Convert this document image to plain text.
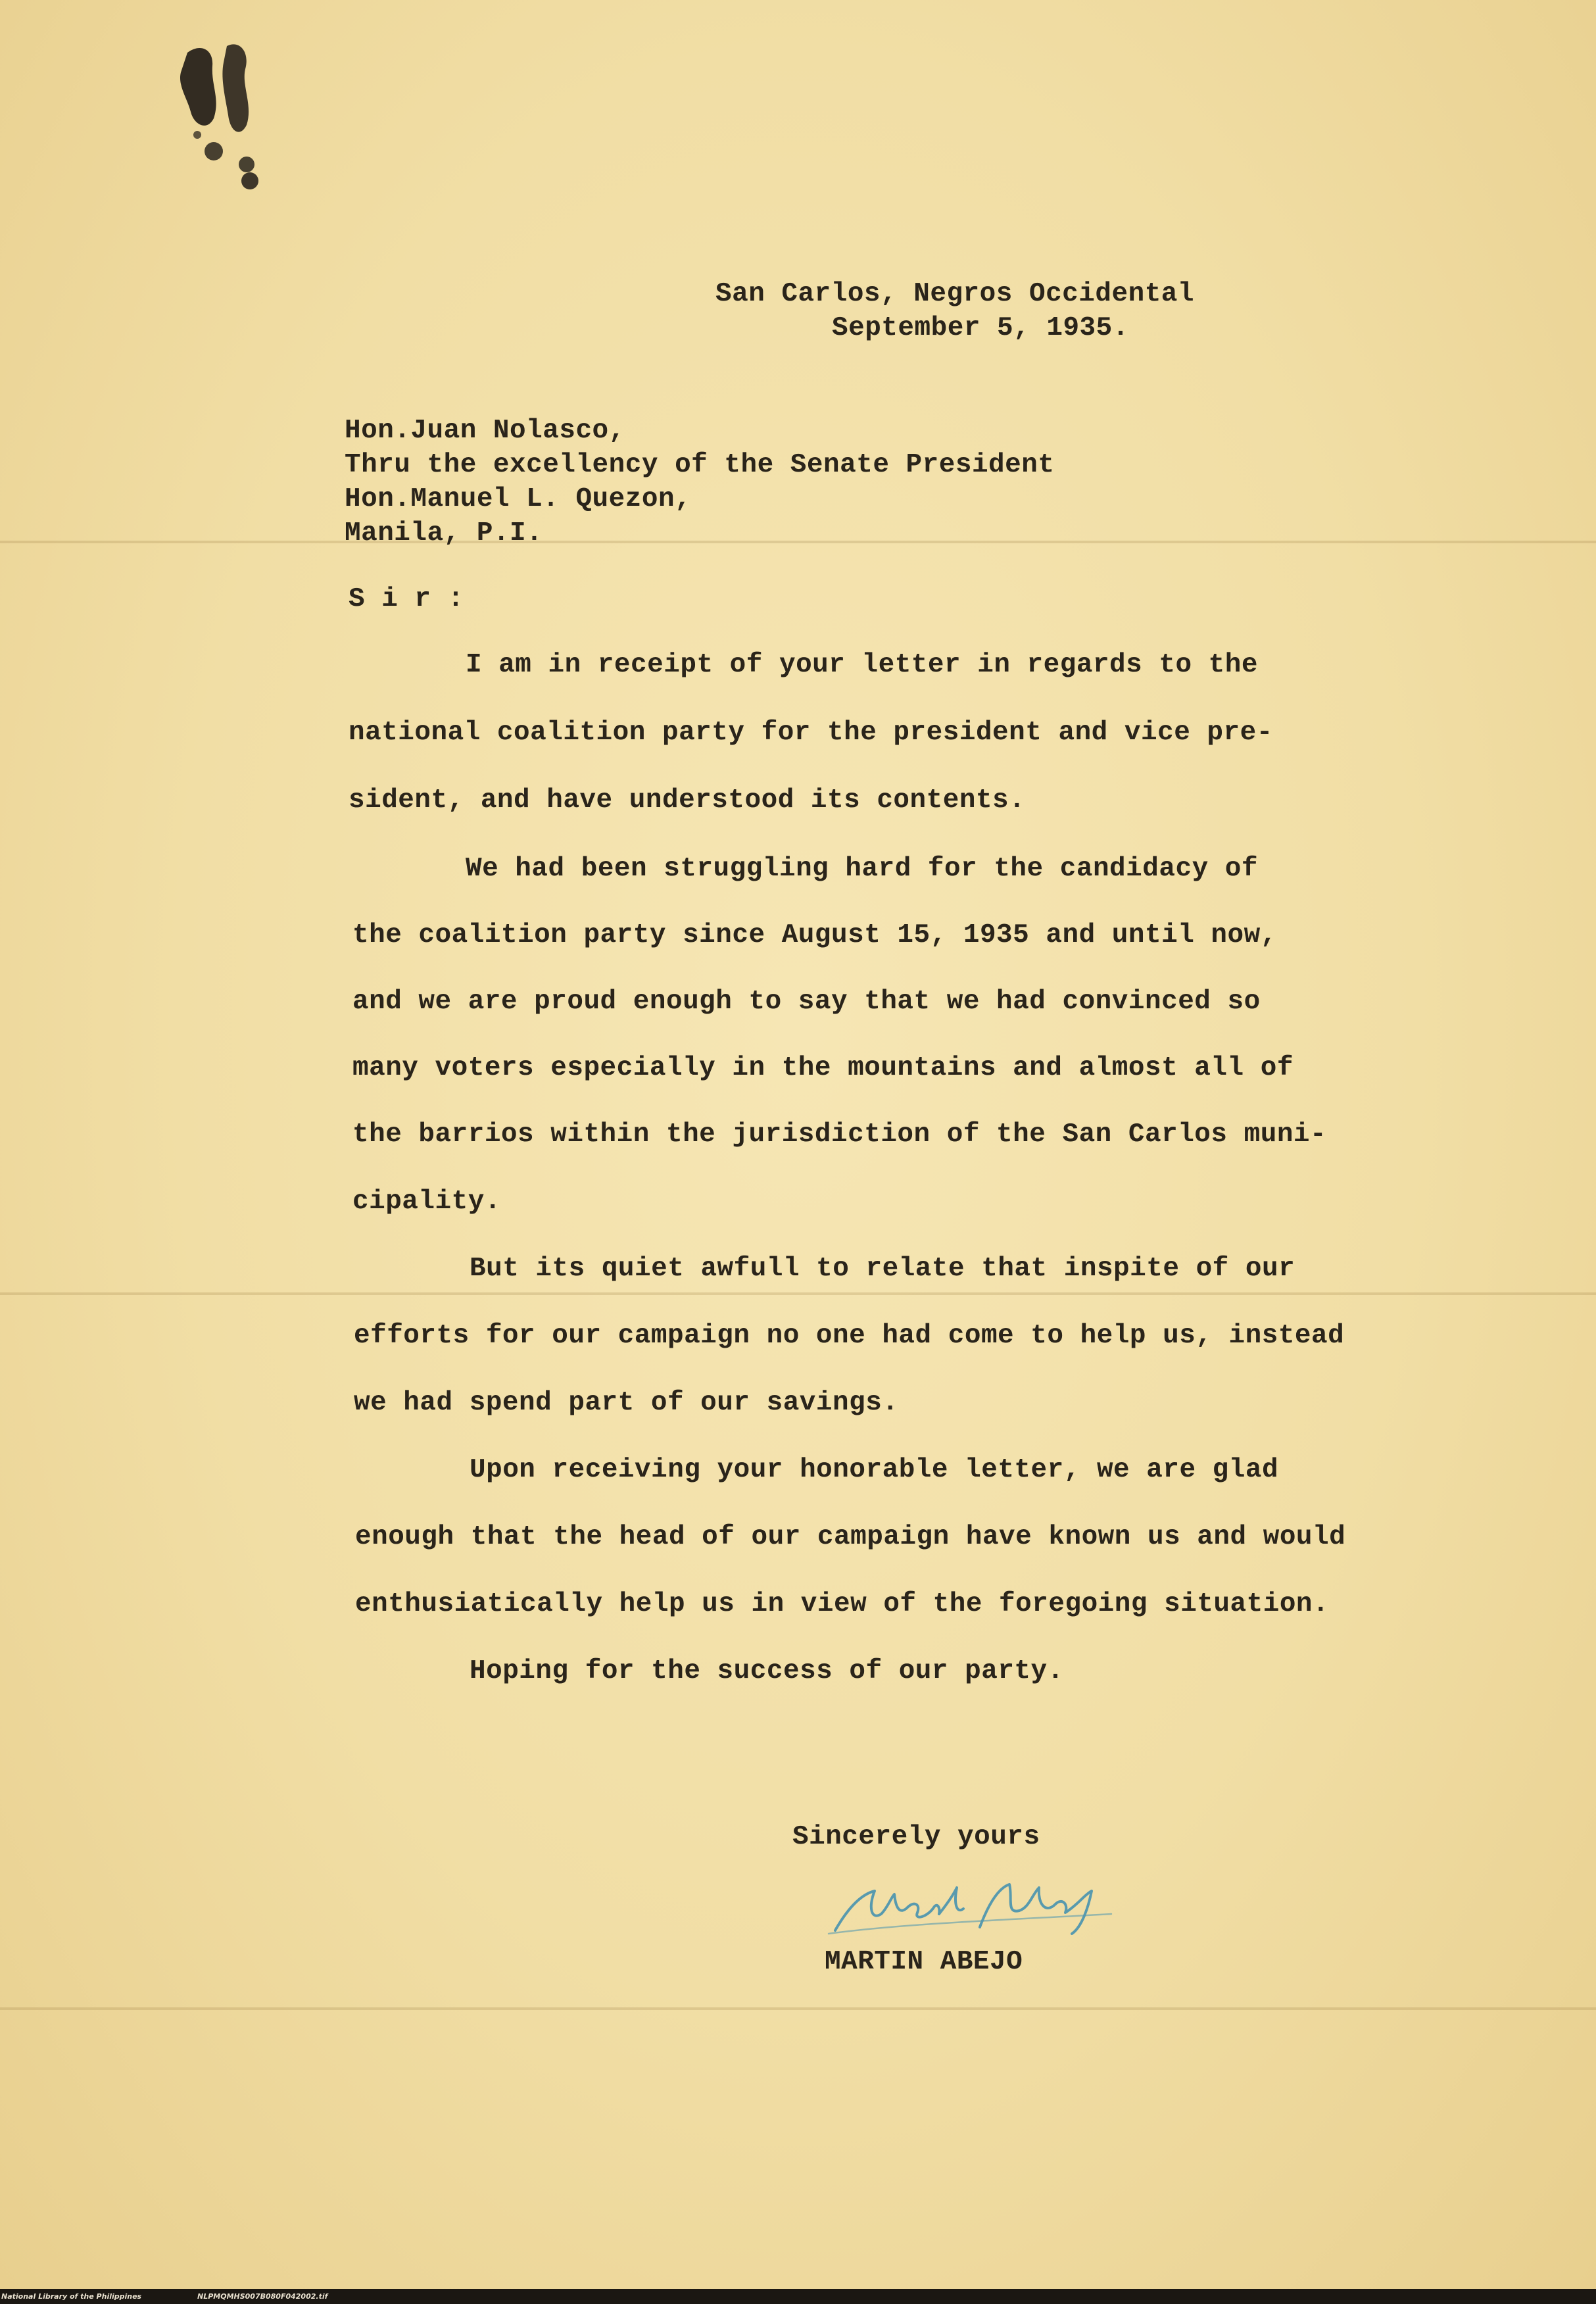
San Carlos, Negros Occidental

September 5, 1935.

Hon.Juan Nolasco,

Thru the excellency of the Senate President

Hon.Manuel L. Quezon,

Manila, P.I.

S i r :

I am in receipt of your letter in regards to the

national coalition party for the president and vice pre-

sident, and have understood its contents.

We had been struggling hard for the candidacy of

the coalition party since August 15, 1935 and until now,

and we are proud enough to say that we had convinced so

many voters especially in the mountains and almost all of

the barrios within the jurisdiction of the San Carlos muni-

cipality.

But its quiet awfull to relate that inspite of our

efforts for our campaign no one had come to help us, instead

we had spend part of our savings.

Upon receiving your honorable letter, we are glad

enough that the head of our campaign have known us and would

enthusiatically help us in view of the foregoing situation.

Hoping for the success of our party.

Sincerely yours

MARTIN ABEJO

National Library of the Philippines	NLPMQMHS007B080F042002.tif
